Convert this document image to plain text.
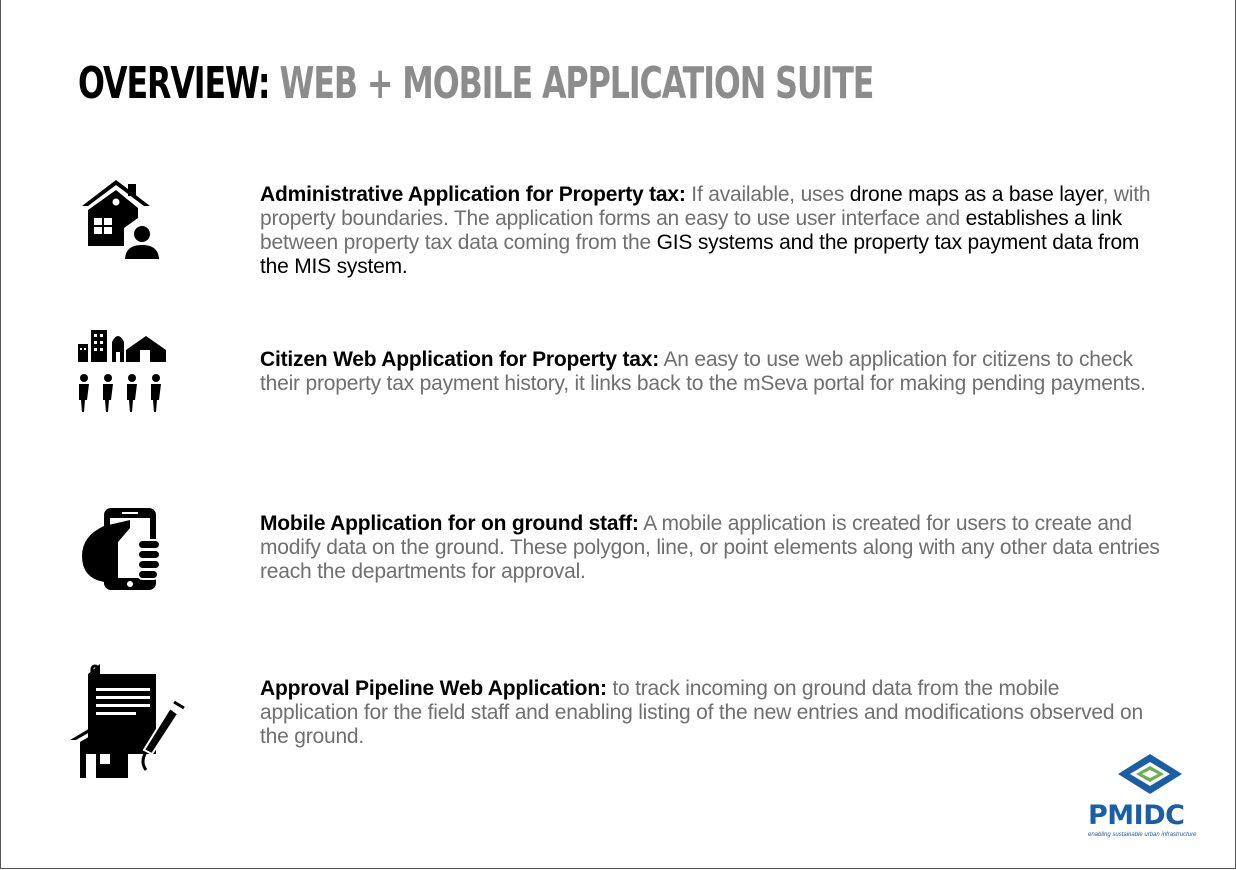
OVERVIEW: WEB + MOBILE APPLICATION SUITE
Administrative Application for Property tax: If available, uses drone maps as a base layer, with property boundaries. The application forms an easy to use user interface and establishes a link between property tax data coming from the GIS systems and the property tax payment data from the MIS system.
Citizen Web Application for Property tax: An easy to use web application for citizens to check their property tax payment history, it links back to the mSeva portal for making pending payments.
Mobile Application for on ground staff: A mobile application is created for users to create and modify data on the ground. These polygon, line, or point elements along with any other data entries reach the departments for approval.
Approval Pipeline Web Application: to track incoming on ground data from the mobile application for the field staff and enabling listing of the new entries and modifications observed on the ground.
PMIDC
enabling sustainable urban infrastructure
